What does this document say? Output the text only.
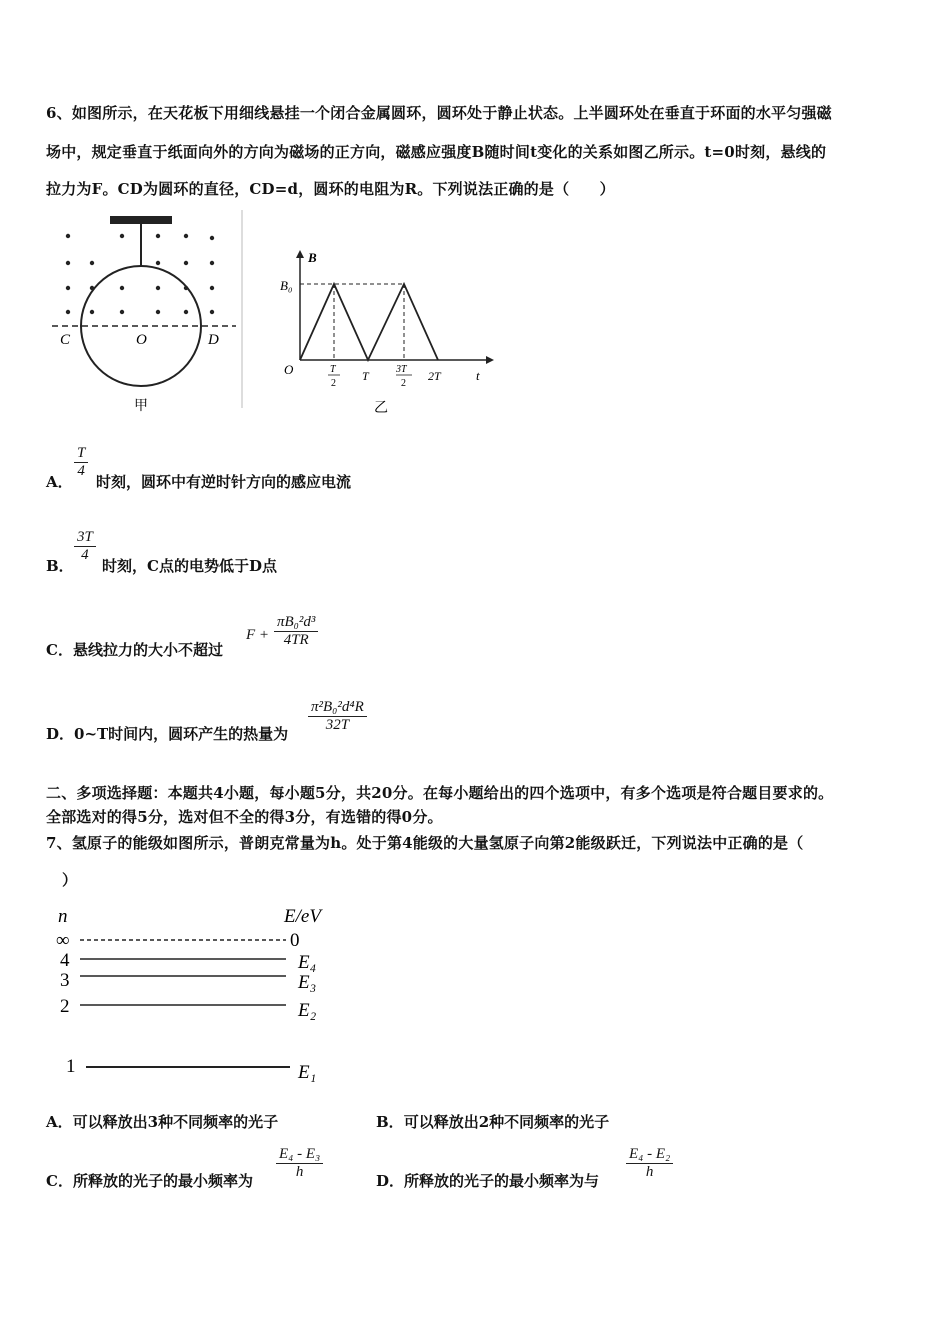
6、如图所示，在天花板下用细线悬挂一个闭合金属圆环，圆环处于静止状态。上半圆环处在垂直于环面的水平匀强磁
场中，规定垂直于纸面向外的方向为磁场的正方向，磁感应强度B随时间t变化的关系如图乙所示。t=0时刻，悬线的
拉力为F。CD为圆环的直径，CD=d，圆环的电阻为R。下列说法正确的是（　　）
C	O	D
甲
B
t
O
B₀
T
2
T	3T
2
2T
乙
A．
$\frac{T}{4}$
时刻，圆环中有逆时针方向的感应电流
B．
$\frac{3T}{4}$
时刻，C点的电势低于D点
C．悬线拉力的大小不超过
$F + \frac{\text{πB₀²d³}}{4TR}$
D．0~T时间内，圆环产生的热量为 $\frac{\text{π²B₀²d⁴R}}{32T}$
二、多项选择题：本题共4小题，每小题5分，共20分。在每小题给出的四个选项中，有多个选项是符合题目要求的。
全部选对的得5分，选对但不全的得3分，有选错的得0分。
7、氢原子的能级如图所示，普朗克常量为h。处于第4能级的大量氢原子向第2能级跃迁，下列说法中正确的是（
）
n	E/eV
∞	0
4	E₄
3	E₃
2	E₂
1	E₁
A．可以释放出3种不同频率的光子	B．可以释放出2种不同频率的光子
C．所释放的光子的最小频率为 $\frac{\text{E₄ - E₃}}{h}$	D．所释放的光子的最小频率为与 $\frac{\text{E₄ - E₂}}{h}$
